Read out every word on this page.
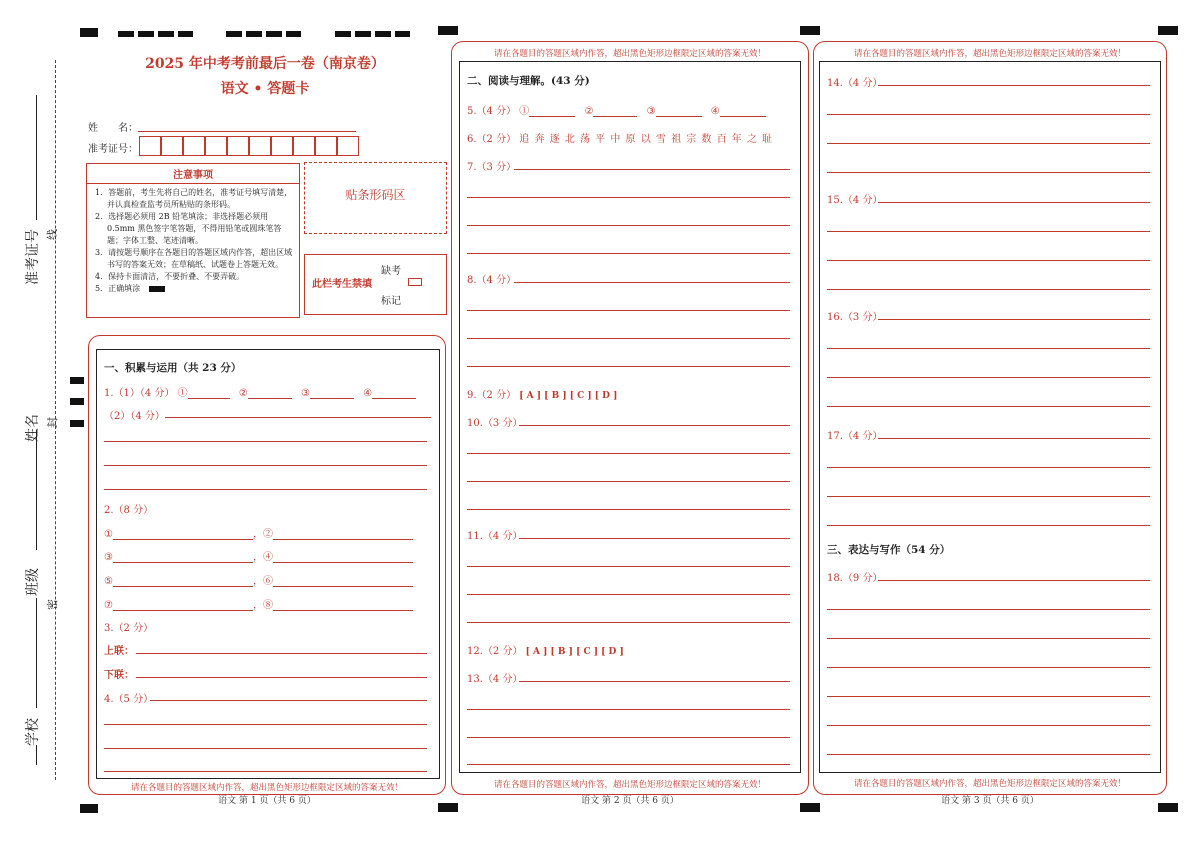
准考证号
姓名
班级
学校
线
封
密
2025 年中考考前最后一卷（南京卷）
语文 • 答题卡
姓　　名：
准考证号：
注意事项
1．答题前，考生先将自己的姓名，准考证号填写清楚，并认真检查监考员所粘贴的条形码。
2．选择题必须用 2B 铅笔填涂；非选择题必须用 0.5mm 黑色签字笔答题，不得用铅笔或圆珠笔答题；字体工整、笔迹清晰。
3．请按题号顺序在各题目的答题区域内作答，超出区域书写的答案无效；在草稿纸、试题卷上答题无效。
4．保持卡面清洁，不要折叠、不要弄破。
5．正确填涂
贴条形码区
此栏考生禁填
缺考
标记
一、积累与运用（共 23 分）
1.（1）（4 分） ①	②	③	④
（2）（4 分）
2.（8 分）
①	，②
③	，④
⑤	，⑥
⑦	，⑧
3.（2 分）
上联：
下联：
4.（5 分）
请在各题目的答题区域内作答，超出黑色矩形边框限定区域的答案无效！
语文 第 1 页（共 6 页）
请在各题目的答题区域内作答，超出黑色矩形边框限定区域的答案无效！
二、阅读与理解。(43 分)
5.（4 分） ①	②	③	④
6.（2 分） 追 奔 逐 北 荡 平 中 原 以 雪 祖 宗 数 百 年 之 耻
7.（3 分）
8.（4 分）
9.（2 分） [ A ] [ B ] [ C ] [ D ]
10.（3 分）
11.（4 分）
12.（2 分） [ A ] [ B ] [ C ] [ D ]
13.（4 分）
请在各题目的答题区域内作答，超出黑色矩形边框限定区域的答案无效！
语文 第 2 页（共 6 页）
请在各题目的答题区域内作答，超出黑色矩形边框限定区域的答案无效！
14.（4 分）
15.（4 分）
16.（3 分）
17.（4 分）
三、表达与写作（54 分）
18.（9 分）
请在各题目的答题区域内作答，超出黑色矩形边框限定区域的答案无效！
语文 第 3 页（共 6 页）
